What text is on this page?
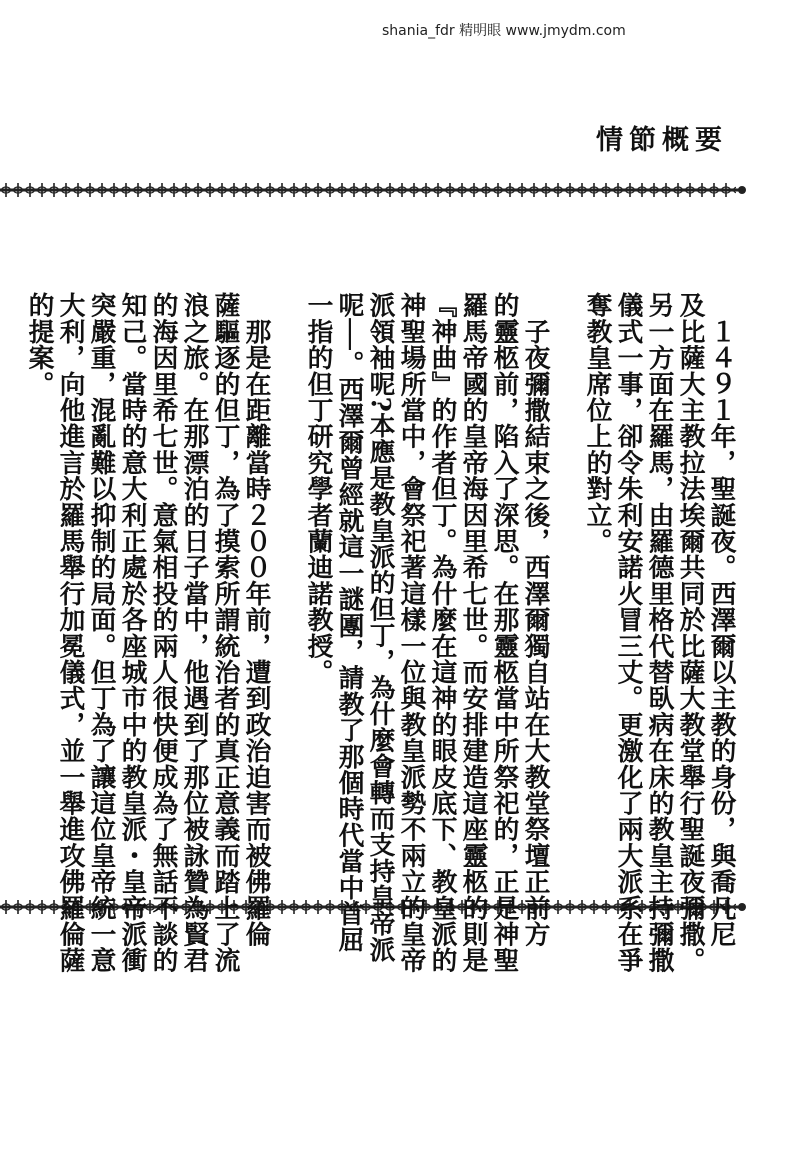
shania_fdr 精明眼 www.jmydm.com
情節概要
　１４９１年，聖誕夜。西澤爾以主教的身份，與喬凡尼
及比薩大主教拉法埃爾共同於比薩大教堂舉行聖誕夜彌撒。
另一方面在羅馬，由羅德里格代替臥病在床的教皇主持彌撒
儀式一事，卻令朱利安諾火冒三丈。更激化了兩大派系在爭
奪教皇席位上的對立。
　子夜彌撒結束之後，西澤爾獨自站在大教堂祭壇正前方
的靈柩前，陷入了深思。在那靈柩當中所祭祀的，正是神聖
羅馬帝國的皇帝海因里希七世。而安排建造這座靈柩的則是
『神曲』的作者但丁。為什麼在這神的眼皮底下、教皇派的
神聖場所當中，會祭祀著這樣一位與教皇派勢不兩立的皇帝
派領袖呢?本應是教皇派的但丁，為什麼會轉而支持皇帝派
呢──。西澤爾曾經就這一謎團，請教了那個時代當中首屈
一指的但丁研究學者蘭迪諾教授。
　那是在距離當時２００年前，遭到政治迫害而被佛羅倫
薩驅逐的但丁，為了摸索所謂統治者的真正意義而踏上了流
浪之旅。在那漂泊的日子當中，他遇到了那位被詠贊為賢君
的海因里希七世。意氣相投的兩人很快便成為了無話不談的
知己。當時的意大利正處於各座城市中的教皇派・皇帝派衝
突嚴重，混亂難以抑制的局面。但丁為了讓這位皇帝統一意
大利，向他進言於羅馬舉行加冕儀式，並一舉進攻佛羅倫薩
的提案。
